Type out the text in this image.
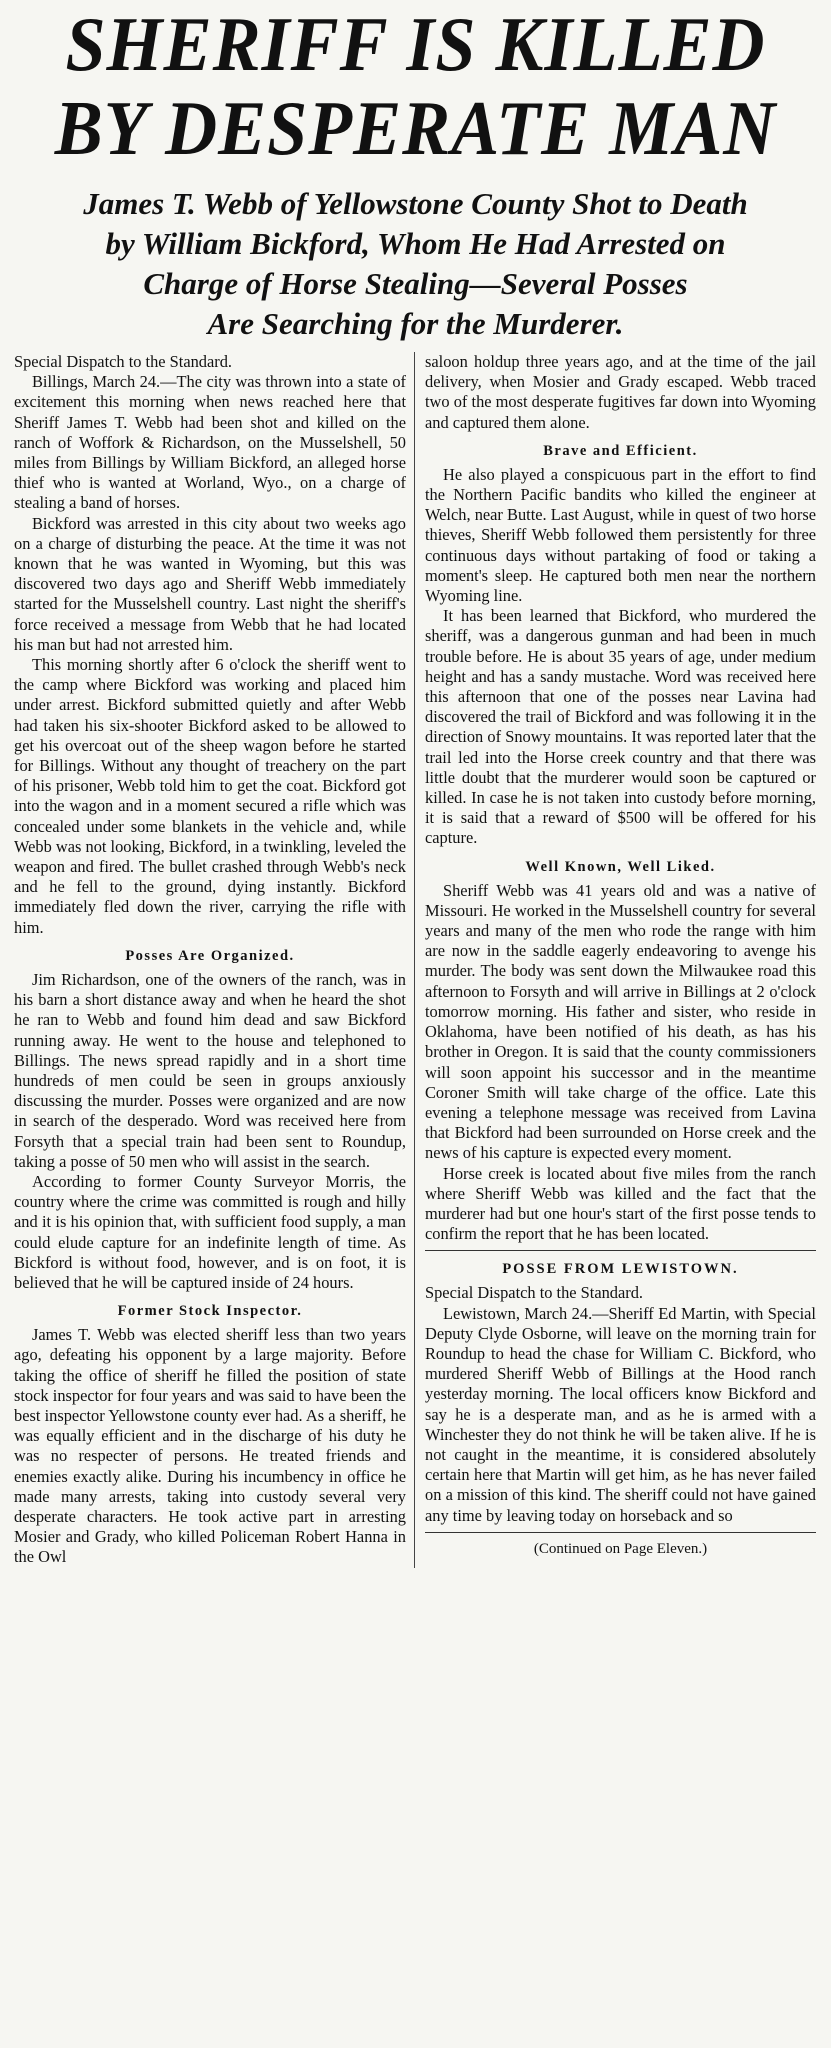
SHERIFF IS KILLED
BY DESPERATE MAN
James T. Webb of Yellowstone County Shot to Death
by William Bickford, Whom He Had Arrested on
Charge of Horse Stealing—Several Posses
Are Searching for the Murderer.

Special Dispatch to the Standard.

Billings, March 24.—The city was thrown into a state of excitement this morning when news reached here that Sheriff James T. Webb had been shot and killed on the ranch of Woffork & Richardson, on the Musselshell, 50 miles from Billings by William Bickford, an alleged horse thief who is wanted at Worland, Wyo., on a charge of stealing a band of horses.

Bickford was arrested in this city about two weeks ago on a charge of disturbing the peace. At the time it was not known that he was wanted in Wyoming, but this was discovered two days ago and Sheriff Webb immediately started for the Musselshell country. Last night the sheriff's force received a message from Webb that he had located his man but had not arrested him.

This morning shortly after 6 o'clock the sheriff went to the camp where Bickford was working and placed him under arrest. Bickford submitted quietly and after Webb had taken his six-shooter Bickford asked to be allowed to get his overcoat out of the sheep wagon before he started for Billings. Without any thought of treachery on the part of his prisoner, Webb told him to get the coat. Bickford got into the wagon and in a moment secured a rifle which was concealed under some blankets in the vehicle and, while Webb was not looking, Bickford, in a twinkling, leveled the weapon and fired. The bullet crashed through Webb's neck and he fell to the ground, dying instantly. Bickford immediately fled down the river, carrying the rifle with him.

Posses Are Organized.

Jim Richardson, one of the owners of the ranch, was in his barn a short distance away and when he heard the shot he ran to Webb and found him dead and saw Bickford running away. He went to the house and telephoned to Billings. The news spread rapidly and in a short time hundreds of men could be seen in groups anxiously discussing the murder. Posses were organized and are now in search of the desperado. Word was received here from Forsyth that a special train had been sent to Roundup, taking a posse of 50 men who will assist in the search.

According to former County Surveyor Morris, the country where the crime was committed is rough and hilly and it is his opinion that, with sufficient food supply, a man could elude capture for an indefinite length of time. As Bickford is without food, however, and is on foot, it is believed that he will be captured inside of 24 hours.

Former Stock Inspector.

James T. Webb was elected sheriff less than two years ago, defeating his opponent by a large majority. Before taking the office of sheriff he filled the position of state stock inspector for four years and was said to have been the best inspector Yellowstone county ever had. As a sheriff, he was equally efficient and in the discharge of his duty he was no respecter of persons. He treated friends and enemies exactly alike. During his incumbency in office he made many arrests, taking into custody several very desperate characters. He took active part in arresting Mosier and Grady, who killed Policeman Robert Hanna in the Owl

saloon holdup three years ago, and at the time of the jail delivery, when Mosier and Grady escaped. Webb traced two of the most desperate fugitives far down into Wyoming and captured them alone.

Brave and Efficient.

He also played a conspicuous part in the effort to find the Northern Pacific bandits who killed the engineer at Welch, near Butte. Last August, while in quest of two horse thieves, Sheriff Webb followed them persistently for three continuous days without partaking of food or taking a moment's sleep. He captured both men near the northern Wyoming line.

It has been learned that Bickford, who murdered the sheriff, was a dangerous gunman and had been in much trouble before. He is about 35 years of age, under medium height and has a sandy mustache. Word was received here this afternoon that one of the posses near Lavina had discovered the trail of Bickford and was following it in the direction of Snowy mountains. It was reported later that the trail led into the Horse creek country and that there was little doubt that the murderer would soon be captured or killed. In case he is not taken into custody before morning, it is said that a reward of $500 will be offered for his capture.

Well Known, Well Liked.

Sheriff Webb was 41 years old and was a native of Missouri. He worked in the Musselshell country for several years and many of the men who rode the range with him are now in the saddle eagerly endeavoring to avenge his murder. The body was sent down the Milwaukee road this afternoon to Forsyth and will arrive in Billings at 2 o'clock tomorrow morning. His father and sister, who reside in Oklahoma, have been notified of his death, as has his brother in Oregon. It is said that the county commissioners will soon appoint his successor and in the meantime Coroner Smith will take charge of the office. Late this evening a telephone message was received from Lavina that Bickford had been surrounded on Horse creek and the news of his capture is expected every moment.

Horse creek is located about five miles from the ranch where Sheriff Webb was killed and the fact that the murderer had but one hour's start of the first posse tends to confirm the report that he has been located.

POSSE FROM LEWISTOWN.

Special Dispatch to the Standard.

Lewistown, March 24.—Sheriff Ed Martin, with Special Deputy Clyde Osborne, will leave on the morning train for Roundup to head the chase for William C. Bickford, who murdered Sheriff Webb of Billings at the Hood ranch yesterday morning. The local officers know Bickford and say he is a desperate man, and as he is armed with a Winchester they do not think he will be taken alive. If he is not caught in the meantime, it is considered absolutely certain here that Martin will get him, as he has never failed on a mission of this kind. The sheriff could not have gained any time by leaving today on horseback and so

(Continued on Page Eleven.)
